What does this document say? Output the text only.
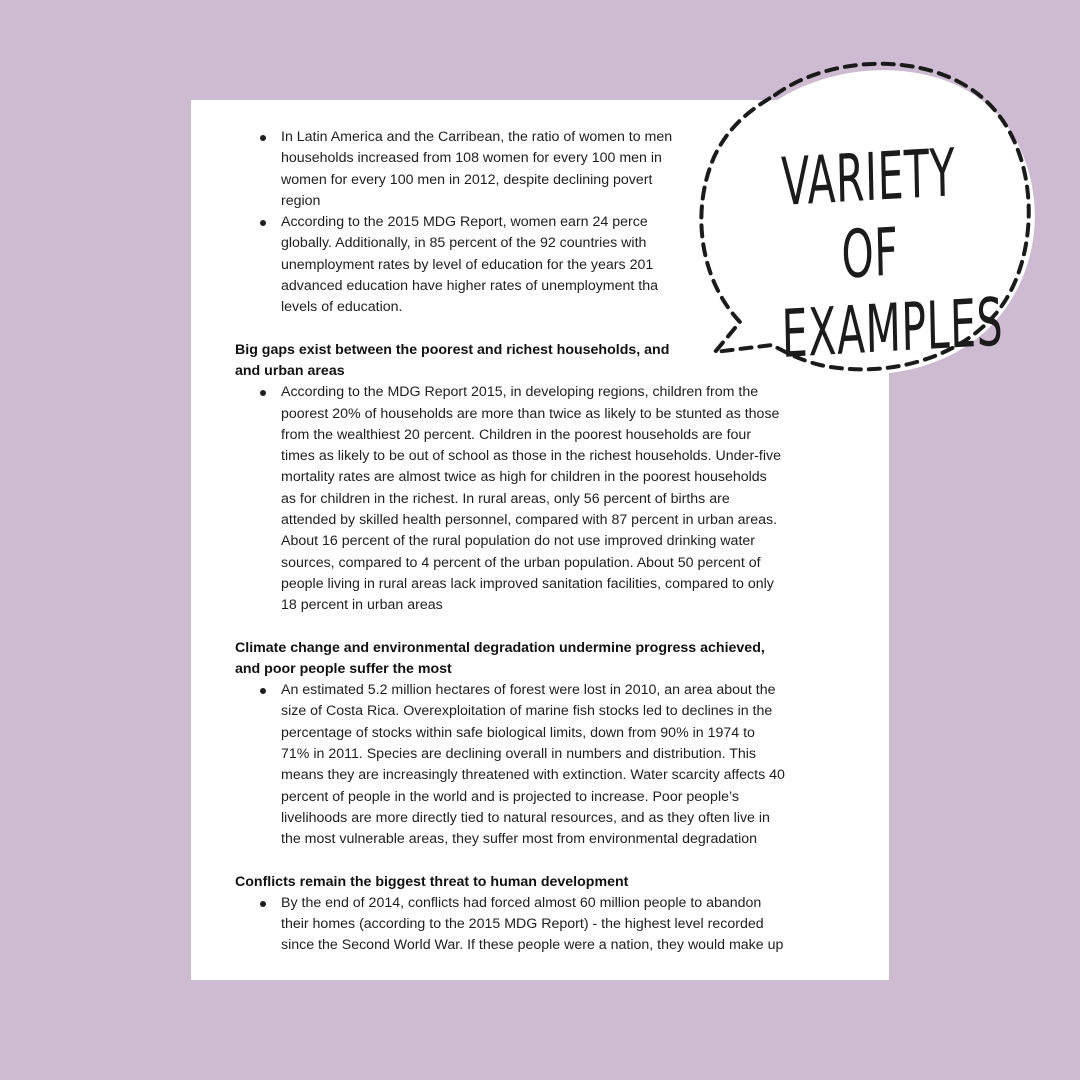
In Latin America and the Carribean, the ratio of women to men
households increased from 108 women for every 100 men in
women for every 100 men in 2012, despite declining povert
region
According to the 2015 MDG Report, women earn 24 perce
globally. Additionally, in 85 percent of the 92 countries with
unemployment rates by level of education for the years 201
advanced education have higher rates of unemployment tha
levels of education.
Big gaps exist between the poorest and richest households, and
and urban areas
According to the MDG Report 2015, in developing regions, children from the
poorest 20% of households are more than twice as likely to be stunted as those
from the wealthiest 20 percent. Children in the poorest households are four
times as likely to be out of school as those in the richest households. Under-five
mortality rates are almost twice as high for children in the poorest households
as for children in the richest. In rural areas, only 56 percent of births are
attended by skilled health personnel, compared with 87 percent in urban areas.
About 16 percent of the rural population do not use improved drinking water
sources, compared to 4 percent of the urban population. About 50 percent of
people living in rural areas lack improved sanitation facilities, compared to only
18 percent in urban areas
Climate change and environmental degradation undermine progress achieved,
and poor people suffer the most
An estimated 5.2 million hectares of forest were lost in 2010, an area about the
size of Costa Rica. Overexploitation of marine fish stocks led to declines in the
percentage of stocks within safe biological limits, down from 90% in 1974 to
71% in 2011. Species are declining overall in numbers and distribution. This
means they are increasingly threatened with extinction. Water scarcity affects 40
percent of people in the world and is projected to increase. Poor people’s
livelihoods are more directly tied to natural resources, and as they often live in
the most vulnerable areas, they suffer most from environmental degradation
Conflicts remain the biggest threat to human development
By the end of 2014, conflicts had forced almost 60 million people to abandon
their homes (according to the 2015 MDG Report) - the highest level recorded
since the Second World War. If these people were a nation, they would make up
VARIETY OF
EXAMPLES
